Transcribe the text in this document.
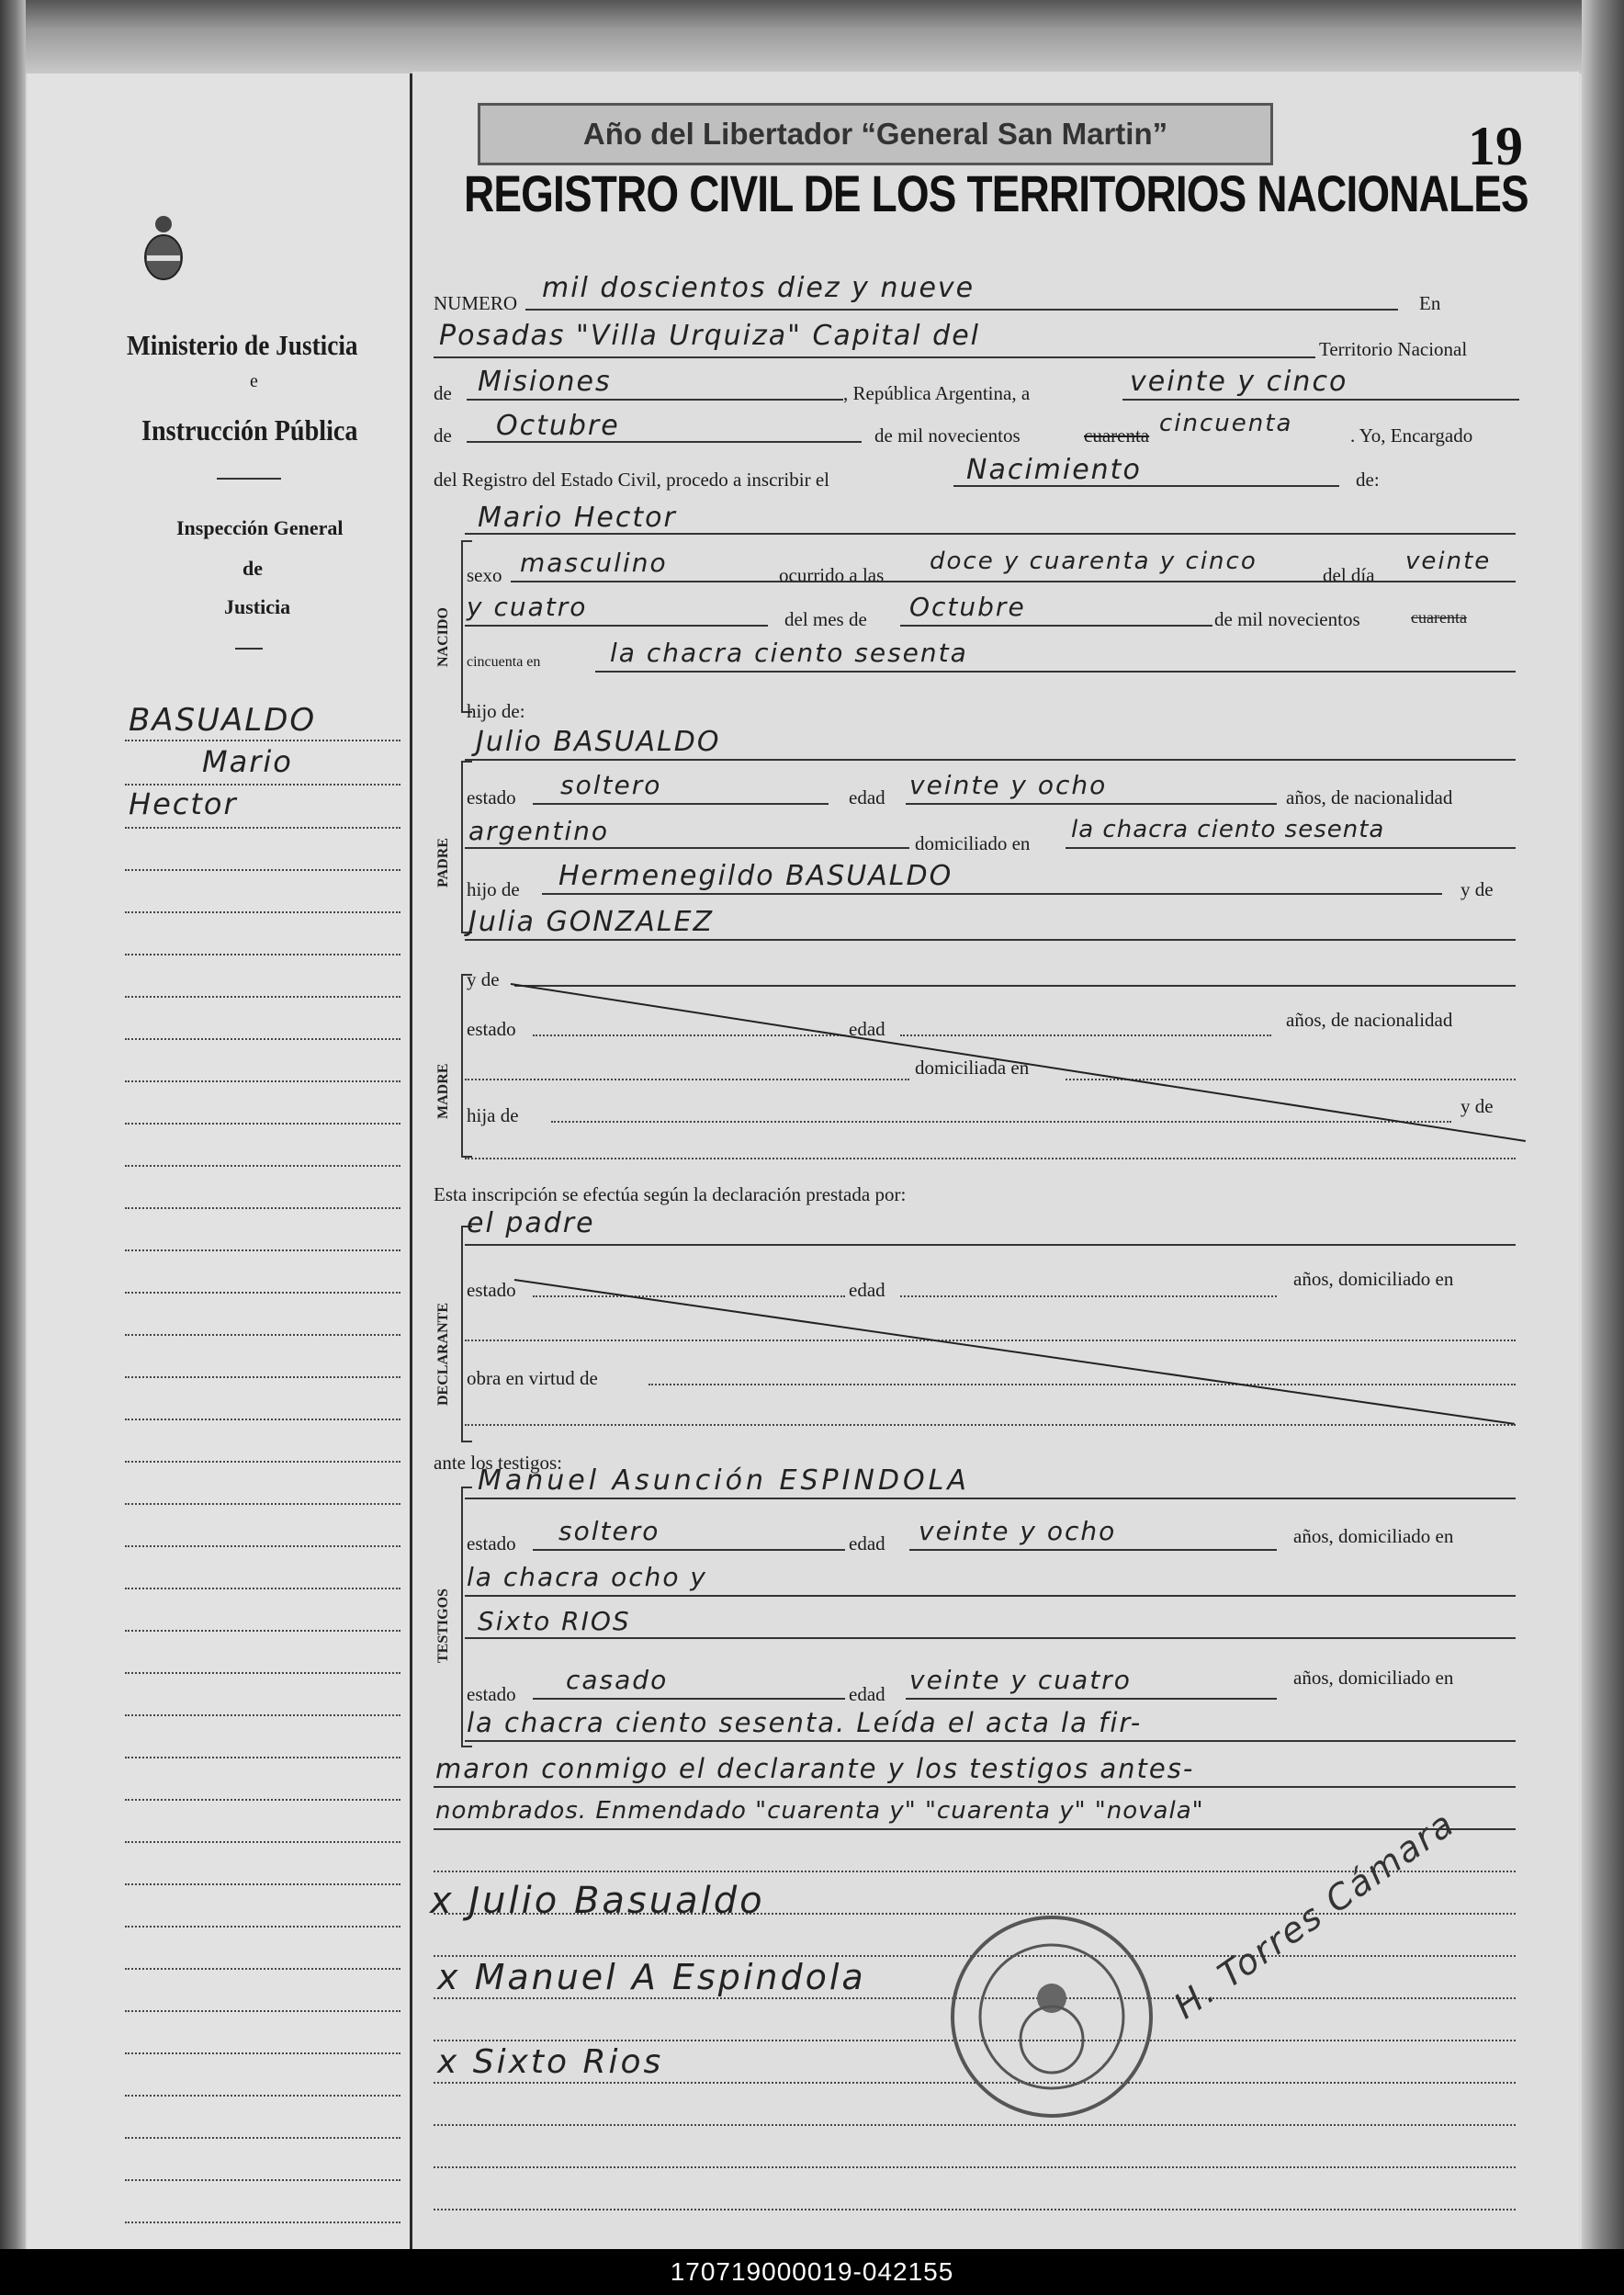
Ministerio de Justicia
e
Instrucción Pública
Inspección General
de
Justicia
BASUALDO
Mario
Hector
Año del Libertador “General San Martin”	19
REGISTRO CIVIL DE LOS TERRITORIOS NACIONALES
NUMERO mil doscientos diez y nueve	En
Posadas "Villa Urquiza" Capital del	Territorio Nacional
de Misiones	, República Argentina, a	veinte y cinco
de Octubre	de mil novecientos	cuarenta cincuenta	. Yo, Encargado
del Registro del Estado Civil, procedo a inscribir el	Nacimiento	de:
NACIDO
Mario Hector
sexo masculino	ocurrido a las doce y cuarenta y cinco	del día veinte
y cuatro	del mes de Octubre	de mil novecientos	cuarenta
cincuenta en	la chacra ciento sesenta
hijo de:
PADRE
Julio BASUALDO
estado soltero	edad veinte y ocho	años, de nacionalidad
argentino	domiciliado en la chacra ciento sesenta
hijo de Hermenegildo BASUALDO	y de
Julia GONZALEZ
MADRE
y de
estado	edad	años, de nacionalidad
domiciliada en
hija de	y de
Esta inscripción se efectúa según la declaración prestada por:
DECLARANTE
el padre
estado	edad	años, domiciliado en
obra en virtud de
ante los testigos:
TESTIGOS
Manuel Asunción ESPINDOLA
estado soltero	edad veinte y ocho	años, domiciliado en
la chacra ocho y
Sixto RIOS
estado casado	edad veinte y cuatro	años, domiciliado en
la chacra ciento sesenta. Leída el acta la fir-
maron conmigo el declarante y los testigos antes-
nombrados. Enmendado "cuarenta y" "cuarenta y" "novala"
x Julio Basualdo
x Manuel A Espindola
x Sixto Rios
H. Torres Cámara
170719000019-042155
